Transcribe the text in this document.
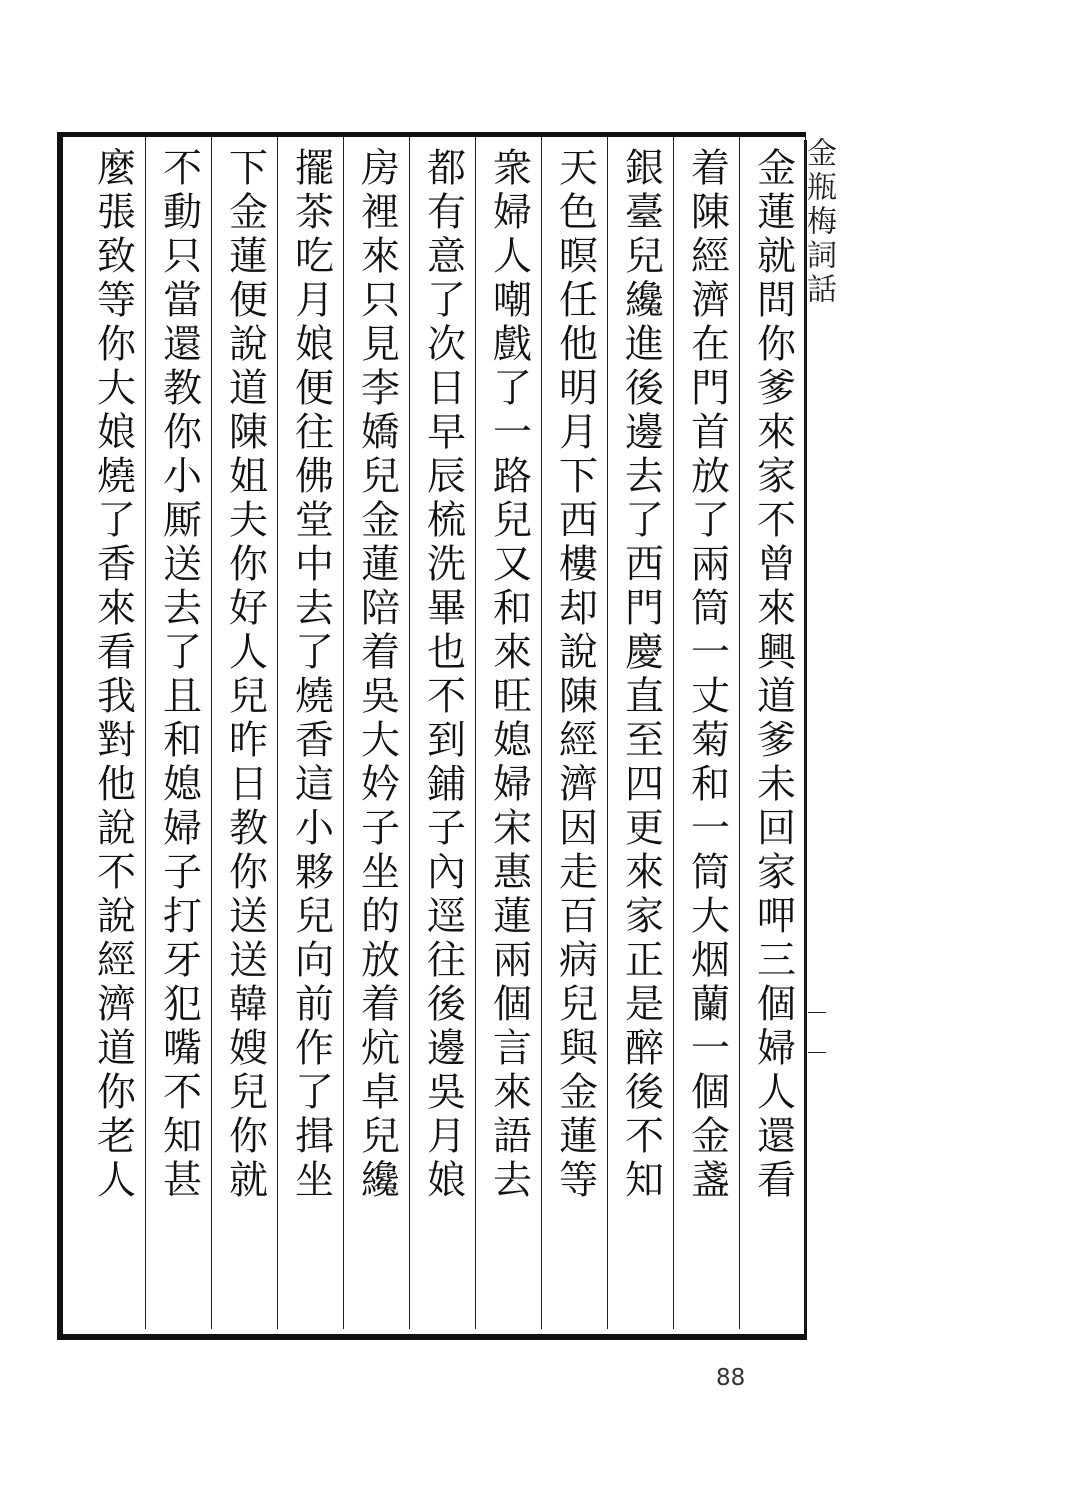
金蓮就問你爹來家不曾來興道爹未回家呷三個婦人還看
着陳經濟在門首放了兩筒一丈菊和一筒大烟蘭一個金盞
銀臺兒纔進後邊去了西門慶直至四更來家正是醉後不知
天色暝任他明月下西樓却說陳經濟因走百病兒與金蓮等
衆婦人嘲戲了一路兒又和來旺媳婦宋惠蓮兩個言來語去
都有意了次日早辰梳洗畢也不到鋪子內逕往後邊吳月娘
房裡來只見李嬌兒金蓮陪着吳大妗子坐的放着炕卓兒纔
擺茶吃月娘便往佛堂中去了燒香這小夥兒向前作了揖坐
下金蓮便說道陳姐夫你好人兒昨日教你送送韓嫂兒你就
不動只當還教你小厮送去了且和媳婦子打牙犯嘴不知甚
麼張致等你大娘燒了香來看我對他說不說經濟道你老人	金瓶梅詞話
88
